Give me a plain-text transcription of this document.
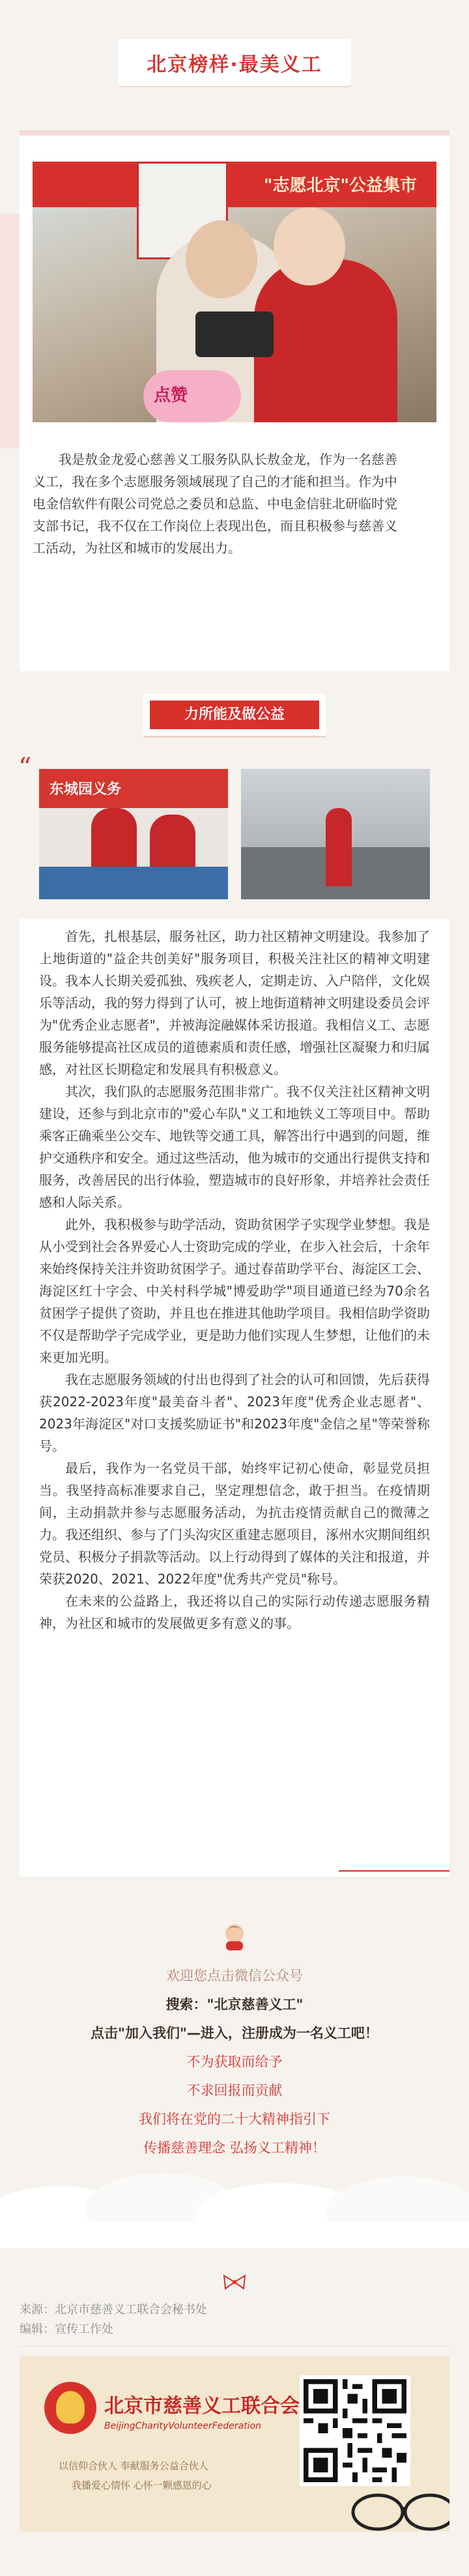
北京榜样·最美义工
"志愿北京"公益集市
点赞

我是敖金龙爱心慈善义工服务队队长敖金龙，作为一名慈善义工，我在多个志愿服务领域展现了自己的才能和担当。作为中电金信软件有限公司党总之委员和总监、中电金信驻北研临时党支部书记，我不仅在工作岗位上表现出色，而且积极参与慈善义工活动，为社区和城市的发展出力。

力所能及做公益
“
东城园义务

首先，扎根基层，服务社区，助力社区精神文明建设。我参加了上地街道的"益企共创美好"服务项目，积极关注社区的精神文明建设。我本人长期关爱孤独、残疾老人，定期走访、入户陪伴，文化娱乐等活动，我的努力得到了认可，被上地街道精神文明建设委员会评为"优秀企业志愿者"，并被海淀融媒体采访报道。我相信义工、志愿服务能够提高社区成员的道德素质和责任感，增强社区凝聚力和归属感，对社区长期稳定和发展具有积极意义。

其次，我们队的志愿服务范围非常广。我不仅关注社区精神文明建设，还参与到北京市的"爱心车队"义工和地铁义工等项目中。帮助乘客正确乘坐公交车、地铁等交通工具，解答出行中遇到的问题，维护交通秩序和安全。通过这些活动，他为城市的交通出行提供支持和服务，改善居民的出行体验，塑造城市的良好形象，并培养社会责任感和人际关系。

此外，我积极参与助学活动，资助贫困学子实现学业梦想。我是从小受到社会各界爱心人士资助完成的学业，在步入社会后，十余年来始终保持关注并资助贫困学子。通过春苗助学平台、海淀区工会、海淀区红十字会、中关村科学城"博爱助学"项目通道已经为70余名贫困学子提供了资助，并且也在推进其他助学项目。我相信助学资助不仅是帮助学子完成学业，更是助力他们实现人生梦想，让他们的未来更加光明。

我在志愿服务领域的付出也得到了社会的认可和回馈，先后获得获2022-2023年度"最美奋斗者"、2023年度"优秀企业志愿者"、2023年海淀区"对口支援奖励证书"和2023年度"金信之星"等荣誉称号。

最后，我作为一名党员干部，始终牢记初心使命，彰显党员担当。我坚持高标准要求自己，坚定理想信念，敢于担当。在疫情期间，主动捐款并参与志愿服务活动，为抗击疫情贡献自己的微薄之力。我还组织、参与了门头沟灾区重建志愿项目，涿州水灾期间组织党员、积极分子捐款等活动。以上行动得到了媒体的关注和报道，并荣获2020、2021、2022年度"优秀共产党员"称号。

在未来的公益路上，我还将以自己的实际行动传递志愿服务精神，为社区和城市的发展做更多有意义的事。

欢迎您点击微信公众号
搜索："北京慈善义工"
点击"加入我们"—进入，注册成为一名义工吧！
不为获取而给予
不求回报而贡献
我们将在党的二十大精神指引下
传播慈善理念 弘扬义工精神！
来源：北京市慈善义工联合会秘书处
编辑：宣传工作处
北京市慈善义工联合会
BeijingCharityVolunteerFederation
以信仰合伙人 奉献服务公益合伙人
我播爱心情怀 心怀一颗感恩的心
